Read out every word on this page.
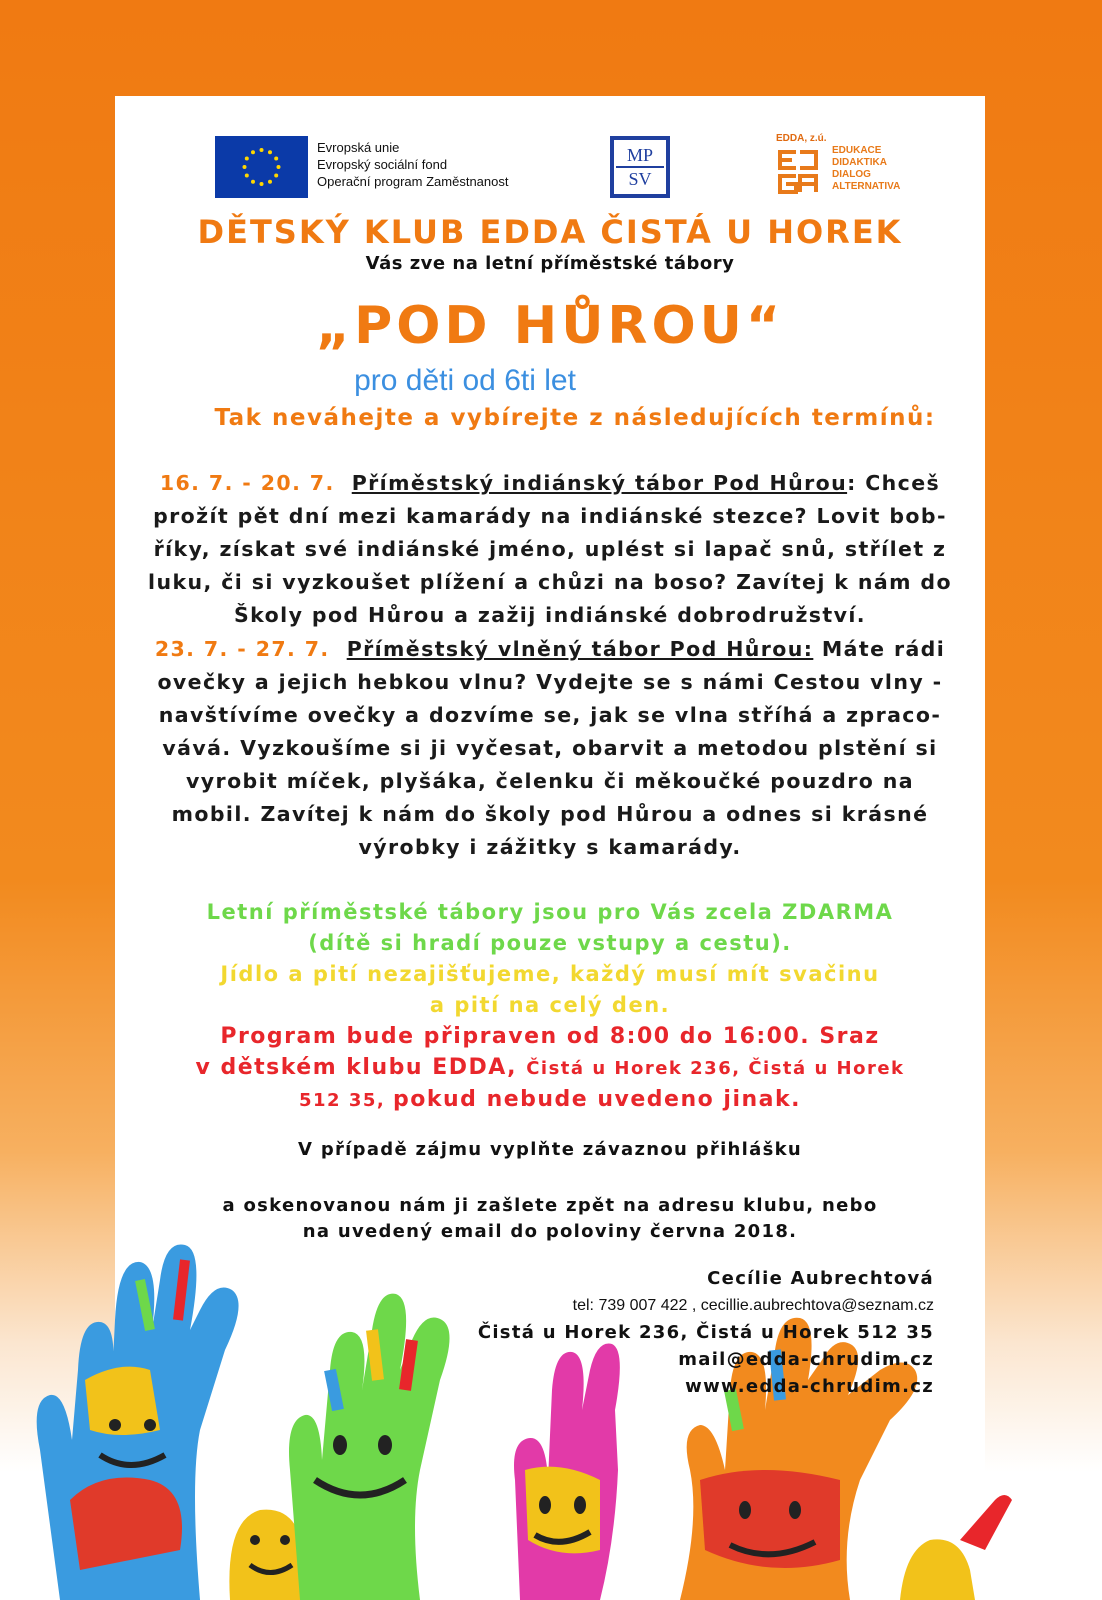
Evropská unie
Evropský sociální fond
Operační program Zaměstnanost
MP
SV
EDDA, z.ú.
EDUKACE
DIDAKTIKA
DIALOG
ALTERNATIVA
DĚTSKÝ KLUB EDDA ČISTÁ U HOREK
Vás zve na letní příměstské tábory
„POD HŮROU“
pro děti od 6ti let
Tak neváhejte a vybírejte z následujících termínů:
16. 7. - 20. 7. Příměstský indiánský tábor Pod Hůrou: Chceš
prožít pět dní mezi kamarády na indiánské stezce? Lovit bob-
říky, získat své indiánské jméno, uplést si lapač snů, střílet z
luku, či si vyzkoušet plížení a chůzi na boso? Zavítej k nám do
Školy pod Hůrou a zažij indiánské dobrodružství.
23. 7. - 27. 7. Příměstský vlněný tábor Pod Hůrou: Máte rádi
ovečky a jejich hebkou vlnu? Vydejte se s námi Cestou vlny -
navštívíme ovečky a dozvíme se, jak se vlna stříhá a zpraco-
vává. Vyzkoušíme si ji vyčesat, obarvit a metodou plstění si
vyrobit míček, plyšáka, čelenku či měkoučké pouzdro na
mobil. Zavítej k nám do školy pod Hůrou a odnes si krásné
výrobky i zážitky s kamarády.
Letní příměstské tábory jsou pro Vás zcela ZDARMA
(dítě si hradí pouze vstupy a cestu).
Jídlo a pití nezajišťujeme, každý musí mít svačinu
a pití na celý den.
Program bude připraven od 8:00 do 16:00. Sraz
v dětském klubu EDDA, Čistá u Horek 236, Čistá u Horek
512 35, pokud nebude uvedeno jinak.
V případě zájmu vyplňte závaznou přihlášku
a oskenovanou nám ji zašlete zpět na adresu klubu, nebo
na uvedený email do poloviny června 2018.
Cecílie Aubrechtová
tel: 739 007 422 , cecillie.aubrechtova@seznam.cz
Čistá u Horek 236, Čistá u Horek 512 35
mail@edda-chrudim.cz
www.edda-chrudim.cz
